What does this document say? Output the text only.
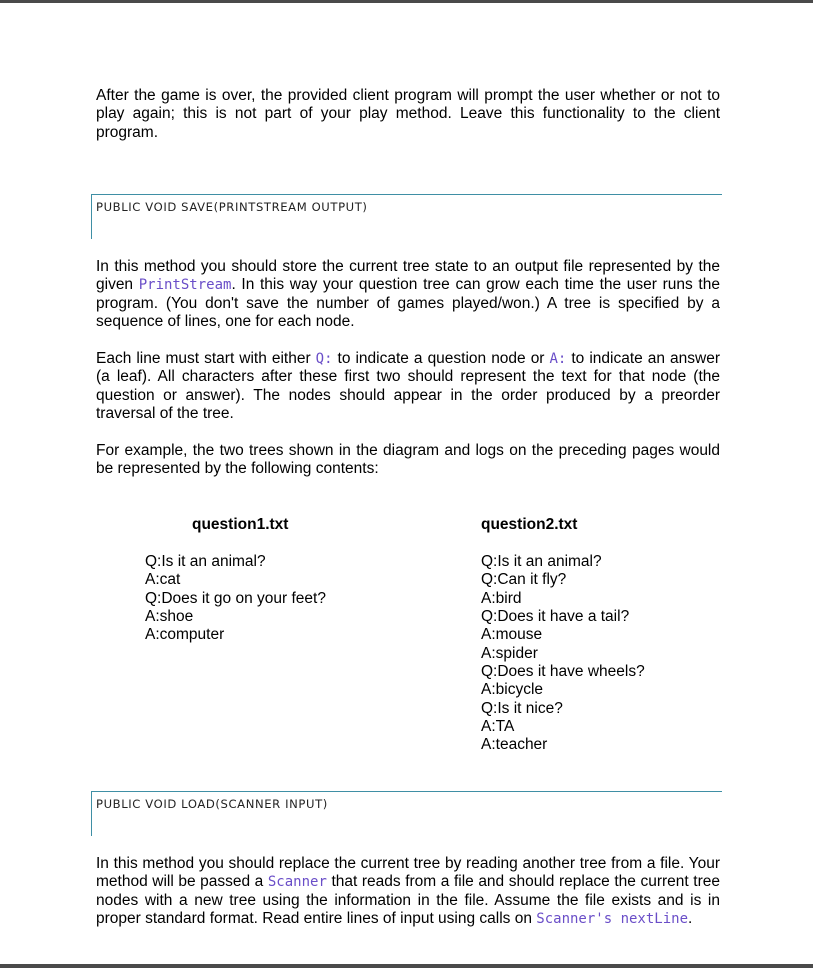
After the game is over, the provided client program will prompt the user whether or not to play again; this is not part of your play method. Leave this functionality to the client program.

PUBLIC VOID SAVE(PRINTSTREAM OUTPUT)

In this method you should store the current tree state to an output file represented by the given PrintStream. In this way your question tree can grow each time the user runs the program. (You don't save the number of games played/won.) A tree is specified by a sequence of lines, one for each node.

Each line must start with either Q: to indicate a question node or A: to indicate an answer (a leaf). All characters after these first two should represent the text for that node (the question or answer). The nodes should appear in the order produced by a preorder traversal of the tree.

For example, the two trees shown in the diagram and logs on the preceding pages would be represented by the following contents:

question1.txt

Q:Is it an animal?
A:cat
Q:Does it go on your feet?
A:shoe
A:computer

question2.txt

Q:Is it an animal?
Q:Can it fly?
A:bird
Q:Does it have a tail?
A:mouse
A:spider
Q:Does it have wheels?
A:bicycle
Q:Is it nice?
A:TA
A:teacher
PUBLIC VOID LOAD(SCANNER INPUT)

In this method you should replace the current tree by reading another tree from a file. Your method will be passed a Scanner that reads from a file and should replace the current tree nodes with a new tree using the information in the file. Assume the file exists and is in proper standard format. Read entire lines of input using calls on Scanner's nextLine.
